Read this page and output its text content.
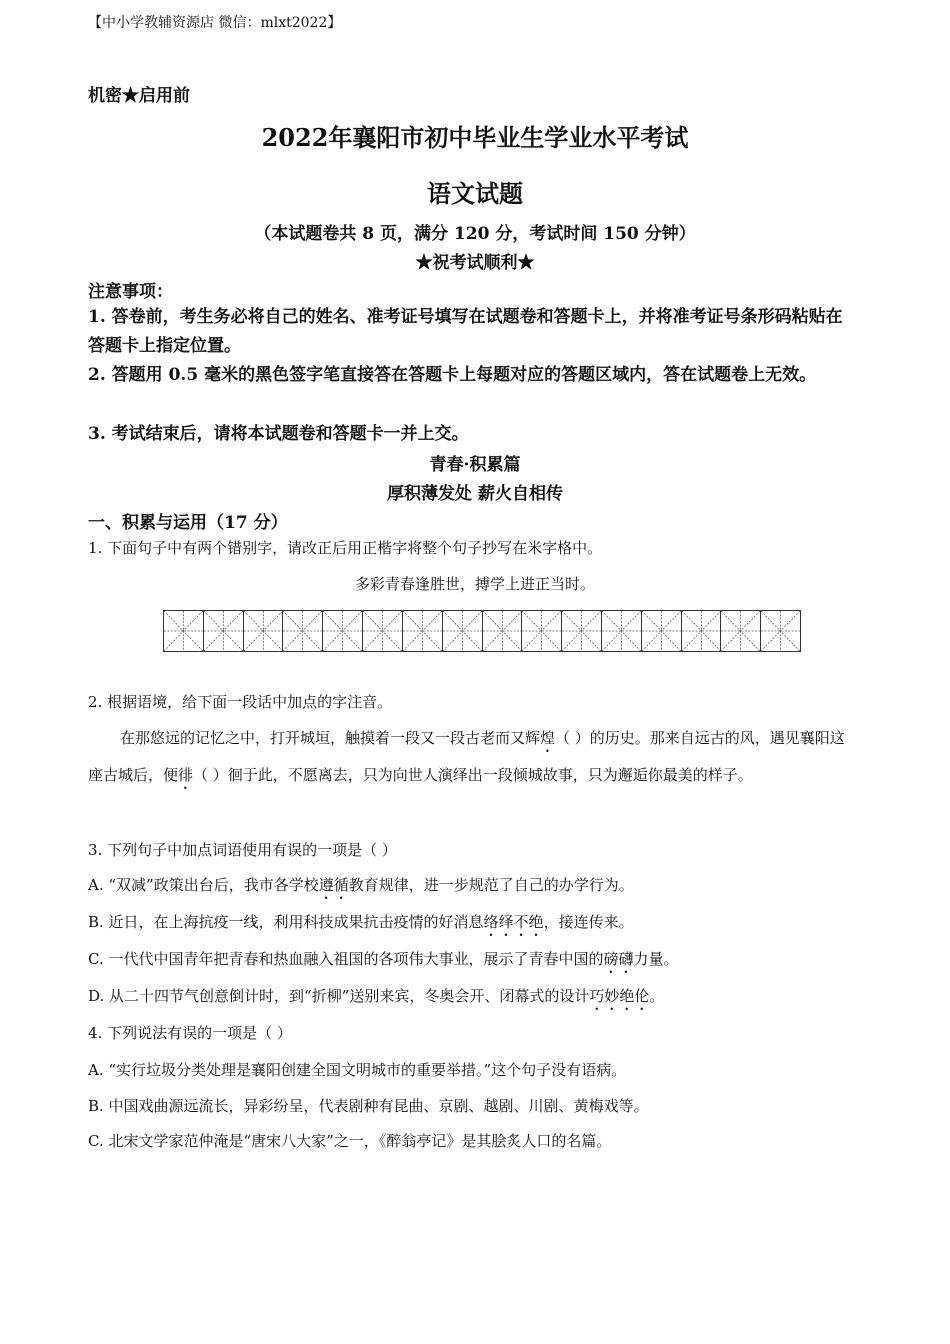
【中小学教辅资源店 微信：mlxt2022】
机密★启用前
2022年襄阳市初中毕业生学业水平考试
语文试题
（本试题卷共 8 页，满分 120 分，考试时间 150 分钟）
★祝考试顺利★
注意事项：
1. 答卷前，考生务必将自己的姓名、准考证号填写在试题卷和答题卡上，并将准考证号条形码粘贴在答题卡上指定位置。
2. 答题用 0.5 毫米的黑色签字笔直接答在答题卡上每题对应的答题区域内，答在试题卷上无效。
3. 考试结束后，请将本试题卷和答题卡一并上交。
青春·积累篇
厚积薄发处 薪火自相传
一、积累与运用（17 分）
1. 下面句子中有两个错别字，请改正后用正楷字将整个句子抄写在米字格中。
多彩青春逢胜世，搏学上进正当时。
2. 根据语境，给下面一段话中加点的字注音。
在那悠远的记忆之中，打开城垣，触摸着一段又一段古老而又辉煌（ ）的历史。那来自远古的风，遇见襄阳这座古城后，便徘（ ）徊于此，不愿离去，只为向世人演绎出一段倾城故事，只为邂逅你最美的样子。
3. 下列句子中加点词语使用有误的一项是（ ）
A. “双减”政策出台后，我市各学校遵循教育规律，进一步规范了自己的办学行为。
B. 近日，在上海抗疫一线，利用科技成果抗击疫情的好消息络绎不绝，接连传来。
C. 一代代中国青年把青春和热血融入祖国的各项伟大事业，展示了青春中国的磅礴力量。
D. 从二十四节气创意倒计时，到“折柳”送别来宾，冬奥会开、闭幕式的设计巧妙绝伦。
4. 下列说法有误的一项是（ ）
A. “实行垃圾分类处理是襄阳创建全国文明城市的重要举措。”这个句子没有语病。
B. 中国戏曲源远流长，异彩纷呈，代表剧种有昆曲、京剧、越剧、川剧、黄梅戏等。
C. 北宋文学家范仲淹是“唐宋八大家”之一，《醉翁亭记》是其脍炙人口的名篇。
